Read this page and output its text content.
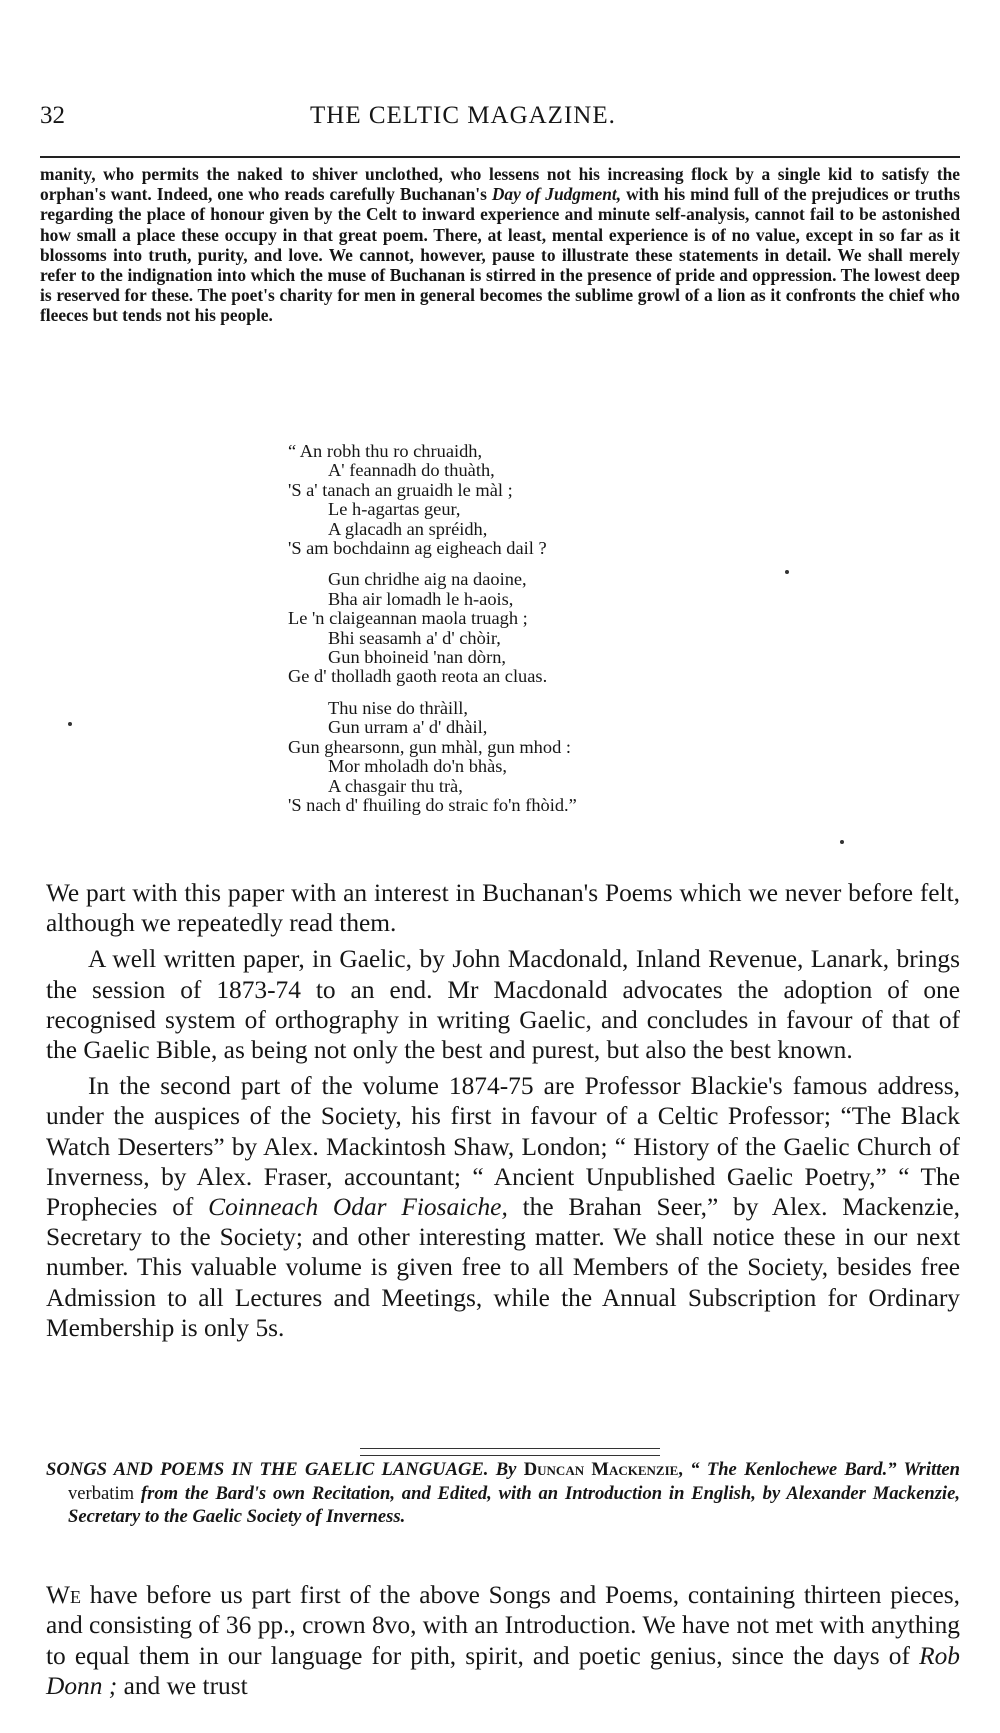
32	THE CELTIC MAGAZINE.

manity, who permits the naked to shiver unclothed, who lessens not his increasing flock by a single kid to satisfy the orphan's want. Indeed, one who reads carefully Buchanan's Day of Judgment, with his mind full of the prejudices or truths regarding the place of honour given by the Celt to inward experience and minute self-analysis, cannot fail to be astonished how small a place these occupy in that great poem. There, at least, mental experience is of no value, except in so far as it blossoms into truth, purity, and love. We cannot, however, pause to illustrate these statements in detail. We shall merely refer to the indignation into which the muse of Buchanan is stirred in the presence of pride and oppression. The lowest deep is reserved for these. The poet's charity for men in general becomes the sublime growl of a lion as it confronts the chief who fleeces but tends not his people.

“ An robh thu ro chruaidh,
A' feannadh do thuàth,
'S a' tanach an gruaidh le màl ;
Le h-agartas geur,
A glacadh an spréidh,
'S am bochdainn ag eigheach dail ?
Gun chridhe aig na daoine,
Bha air lomadh le h-aois,
Le 'n claigeannan maola truagh ;
Bhi seasamh a' d' chòir,
Gun bhoineid 'nan dòrn,
Ge d' tholladh gaoth reota an cluas.
Thu nise do thràill,
Gun urram a' d' dhàil,
Gun ghearsonn, gun mhàl, gun mhod :
Mor mholadh do'n bhàs,
A chasgair thu trà,
'S nach d' fhuiling do straic fo'n fhòid.”

We part with this paper with an interest in Buchanan's Poems which we never before felt, although we repeatedly read them.

A well written paper, in Gaelic, by John Macdonald, Inland Revenue, Lanark, brings the session of 1873-74 to an end. Mr Macdonald advocates the adoption of one recognised system of orthography in writing Gaelic, and concludes in favour of that of the Gaelic Bible, as being not only the best and purest, but also the best known.

In the second part of the volume 1874-75 are Professor Blackie's famous address, under the auspices of the Society, his first in favour of a Celtic Professor; “The Black Watch Deserters” by Alex. Mackintosh Shaw, London; “ History of the Gaelic Church of Inverness, by Alex. Fraser, accountant; “ Ancient Unpublished Gaelic Poetry,” “ The Prophecies of Coinneach Odar Fiosaiche, the Brahan Seer,” by Alex. Mackenzie, Secretary to the Society; and other interesting matter. We shall notice these in our next number. This valuable volume is given free to all Members of the Society, besides free Admission to all Lectures and Meetings, while the Annual Subscription for Ordinary Membership is only 5s.

SONGS AND POEMS IN THE GAELIC LANGUAGE. By Duncan Mackenzie, “ The Kenlochewe Bard.” Written verbatim from the Bard's own Recitation, and Edited, with an Introduction in English, by Alexander Mackenzie, Secretary to the Gaelic Society of Inverness.

We have before us part first of the above Songs and Poems, containing thirteen pieces, and consisting of 36 pp., crown 8vo, with an Introduction. We have not met with anything to equal them in our language for pith, spirit, and poetic genius, since the days of Rob Donn ; and we trust
